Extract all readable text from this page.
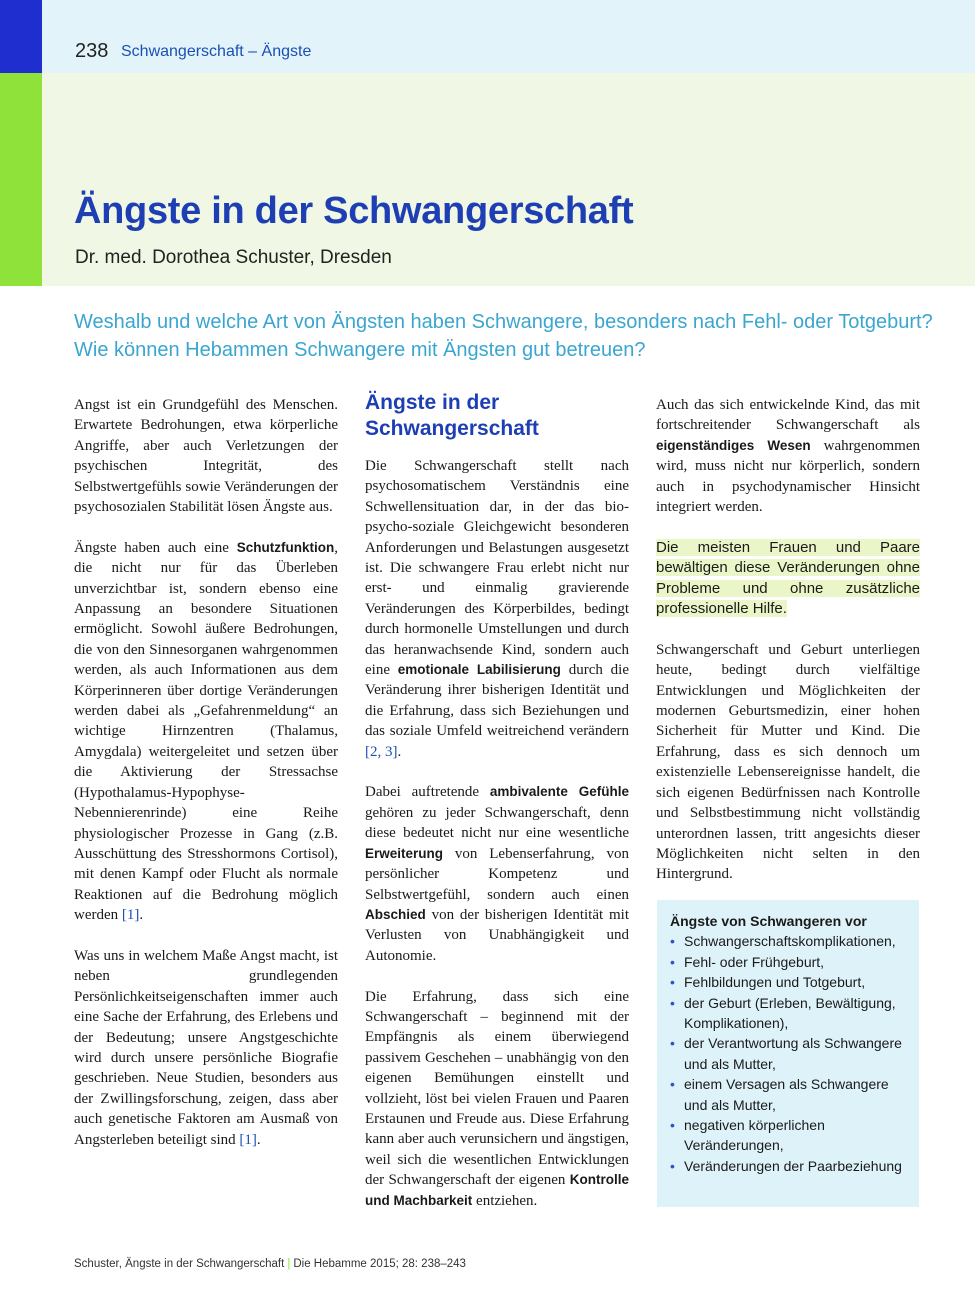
238 Schwangerschaft – Ängste
Ängste in der Schwangerschaft
Dr. med. Dorothea Schuster, Dresden
Weshalb und welche Art von Ängsten haben Schwangere, besonders nach Fehl- oder Totgeburt? Wie können Hebammen Schwangere mit Ängsten gut betreuen?

Angst ist ein Grundgefühl des Menschen. Erwartete Bedrohungen, etwa körperliche Angriffe, aber auch Verletzungen der psychischen Integrität, des Selbstwertgefühls sowie Veränderungen der psychosozialen Stabilität lösen Ängste aus.

Ängste haben auch eine Schutzfunktion, die nicht nur für das Überleben unverzichtbar ist, sondern ebenso eine Anpassung an besondere Situationen ermöglicht. Sowohl äußere Bedrohungen, die von den Sinnesorganen wahrgenommen werden, als auch Informationen aus dem Körperinneren über dortige Veränderungen werden dabei als „Gefahrenmeldung“ an wichtige Hirnzentren (Thalamus, Amygdala) weitergeleitet und setzen über die Aktivierung der Stressachse (Hypothalamus-Hypophyse-Nebennierenrinde) eine Reihe physiologischer Prozesse in Gang (z.B. Ausschüttung des Stresshormons Cortisol), mit denen Kampf oder Flucht als normale Reaktionen auf die Bedrohung möglich werden [1].

Was uns in welchem Maße Angst macht, ist neben grundlegenden Persönlichkeitseigenschaften immer auch eine Sache der Erfahrung, des Erlebens und der Bedeutung; unsere Angstgeschichte wird durch unsere persönliche Biografie geschrieben. Neue Studien, besonders aus der Zwillingsforschung, zeigen, dass aber auch genetische Faktoren am Ausmaß von Angsterleben beteiligt sind [1].

Ängste in der Schwangerschaft

Die Schwangerschaft stellt nach psychosomatischem Verständnis eine Schwellensituation dar, in der das bio-psycho-soziale Gleichgewicht besonderen Anforderungen und Belastungen ausgesetzt ist. Die schwangere Frau erlebt nicht nur erst- und einmalig gravierende Veränderungen des Körperbildes, bedingt durch hormonelle Umstellungen und durch das heranwachsende Kind, sondern auch eine emotionale Labilisierung durch die Veränderung ihrer bisherigen Identität und die Erfahrung, dass sich Beziehungen und das soziale Umfeld weitreichend verändern [2, 3].

Dabei auftretende ambivalente Gefühle gehören zu jeder Schwangerschaft, denn diese bedeutet nicht nur eine wesentliche Erweiterung von Lebenserfahrung, von persönlicher Kompetenz und Selbstwertgefühl, sondern auch einen Abschied von der bisherigen Identität mit Verlusten von Unabhängigkeit und Autonomie.

Die Erfahrung, dass sich eine Schwangerschaft – beginnend mit der Empfängnis als einem überwiegend passivem Geschehen – unabhängig von den eigenen Bemühungen einstellt und vollzieht, löst bei vielen Frauen und Paaren Erstaunen und Freude aus. Diese Erfahrung kann aber auch verunsichern und ängstigen, weil sich die wesentlichen Entwicklungen der Schwangerschaft der eigenen Kontrolle und Machbarkeit entziehen.

Auch das sich entwickelnde Kind, das mit fortschreitender Schwangerschaft als eigenständiges Wesen wahrgenommen wird, muss nicht nur körperlich, sondern auch in psychodynamischer Hinsicht integriert werden.

Die meisten Frauen und Paare bewältigen diese Veränderungen ohne Probleme und ohne zusätzliche professionelle Hilfe.

Schwangerschaft und Geburt unterliegen heute, bedingt durch vielfältige Entwicklungen und Möglichkeiten der modernen Geburtsmedizin, einer hohen Sicherheit für Mutter und Kind. Die Erfahrung, dass es sich dennoch um existenzielle Lebensereignisse handelt, die sich eigenen Bedürfnissen nach Kontrolle und Selbstbestimmung nicht vollständig unterordnen lassen, tritt angesichts dieser Möglichkeiten nicht selten in den Hintergrund.

Ängste von Schwangeren vor
• Schwangerschaftskomplikationen,
• Fehl- oder Frühgeburt,
• Fehlbildungen und Totgeburt,
• der Geburt (Erleben, Bewältigung, Komplikationen),
• der Verantwortung als Schwangere und als Mutter,
• einem Versagen als Schwangere und als Mutter,
• negativen körperlichen Veränderungen,
• Veränderungen der Paarbeziehung
Schuster, Ängste in der Schwangerschaft | Die Hebamme 2015; 28: 238–243
